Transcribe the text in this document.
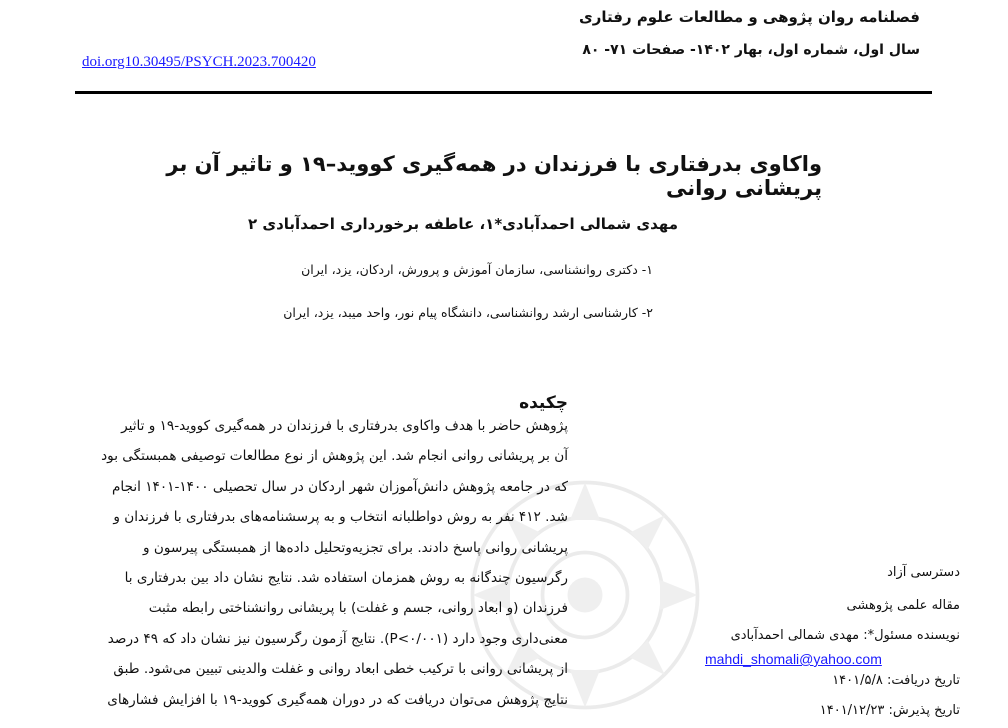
فصلنامه روان پژوهی و مطالعات علوم رفتاری
سال اول، شماره اول، بهار ۱۴۰۲- صفحات ۷۱- ۸۰
doi.org10.30495/PSYCH.2023.700420
واکاوی بدرفتاری با فرزندان در همه‌گیری کووید–۱۹ و تاثیر آن بر پریشانی روانی
مهدی شمالی احمدآبادی*۱، عاطفه برخورداری احمدآبادی ۲
۱- دکتری روانشناسی، سازمان آموزش و پرورش، اردکان، یزد، ایران
۲- کارشناسی ارشد روانشناسی، دانشگاه پیام نور، واحد میبد، یزد، ایران
چکیده
پژوهش حاضر با هدف واکاوی بدرفتاری با فرزندان در همه‌گیری کووید-۱۹ و تاثیر
آن بر پریشانی روانی انجام شد. این پژوهش از نوع مطالعات توصیفی همبستگی بود
که در جامعه پژوهش دانش‌آموزان شهر اردکان در سال تحصیلی ۱۴۰۰-۱۴۰۱ انجام
شد. ۴۱۲ نفر به روش دواطلبانه انتخاب و به پرسشنامه‌های بدرفتاری با فرزندان و
پریشانی روانی پاسخ دادند. برای تجزیه‌وتحلیل داده‌ها از همبستگی پیرسون و
رگرسیون چندگانه به روش همزمان استفاده شد. نتایج نشان داد بین بدرفتاری با
فرزندان (و ابعاد روانی، جسم و غفلت) با پریشانی روانشناختی رابطه مثبت
معنی‌داری وجود دارد (P<۰/۰۰۱). نتایج آزمون رگرسیون نیز نشان داد که ۴۹ درصد
از پریشانی روانی با ترکیب خطی ابعاد روانی و غفلت والدینی تبیین می‌شود. طبق
نتایج پژوهش می‌توان دریافت که در دوران همه‌گیری کووید-۱۹ با افزایش فشارهای
دسترسی آزاد
مقاله علمی پژوهشی
نویسنده مسئول*: مهدی شمالی احمدآبادی
mahdi_shomali@yahoo.com
تاریخ دریافت: ۱۴۰۱/۵/۸
تاریخ پذیرش: ۱۴۰۱/۱۲/۲۳
